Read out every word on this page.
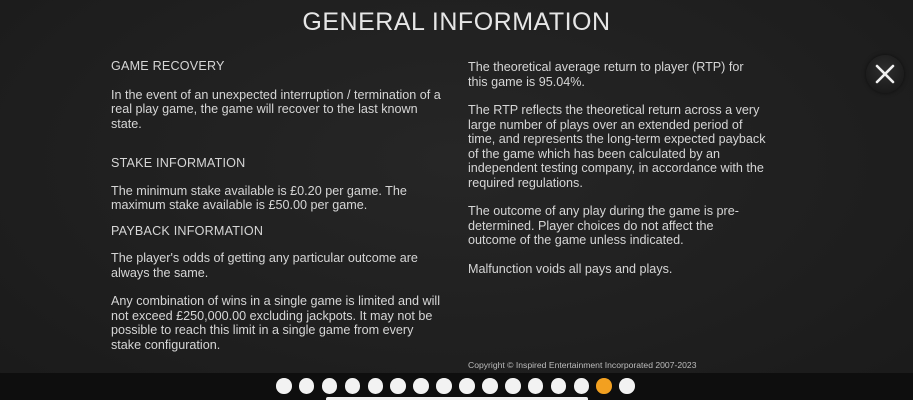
GENERAL INFORMATION

GAME RECOVERY

In the event of an unexpected interruption / termination of a real play game, the game will recover to the last known state.

STAKE INFORMATION

The minimum stake available is £0.20 per game. The maximum stake available is £50.00 per game.

PAYBACK INFORMATION

The player's odds of getting any particular outcome are always the same.

Any combination of wins in a single game is limited and will not exceed £250,000.00 excluding jackpots. It may not be possible to reach this limit in a single game from every stake configuration.

The theoretical average return to player (RTP) for this game is 95.04%.

The RTP reflects the theoretical return across a very large number of plays over an extended period of time, and represents the long-term expected payback of the game which has been calculated by an independent testing company, in accordance with the required regulations.

The outcome of any play during the game is pre-determined. Player choices do not affect the outcome of the game unless indicated.

Malfunction voids all pays and plays.

Copyright © Inspired Entertainment Incorporated 2007-2023
